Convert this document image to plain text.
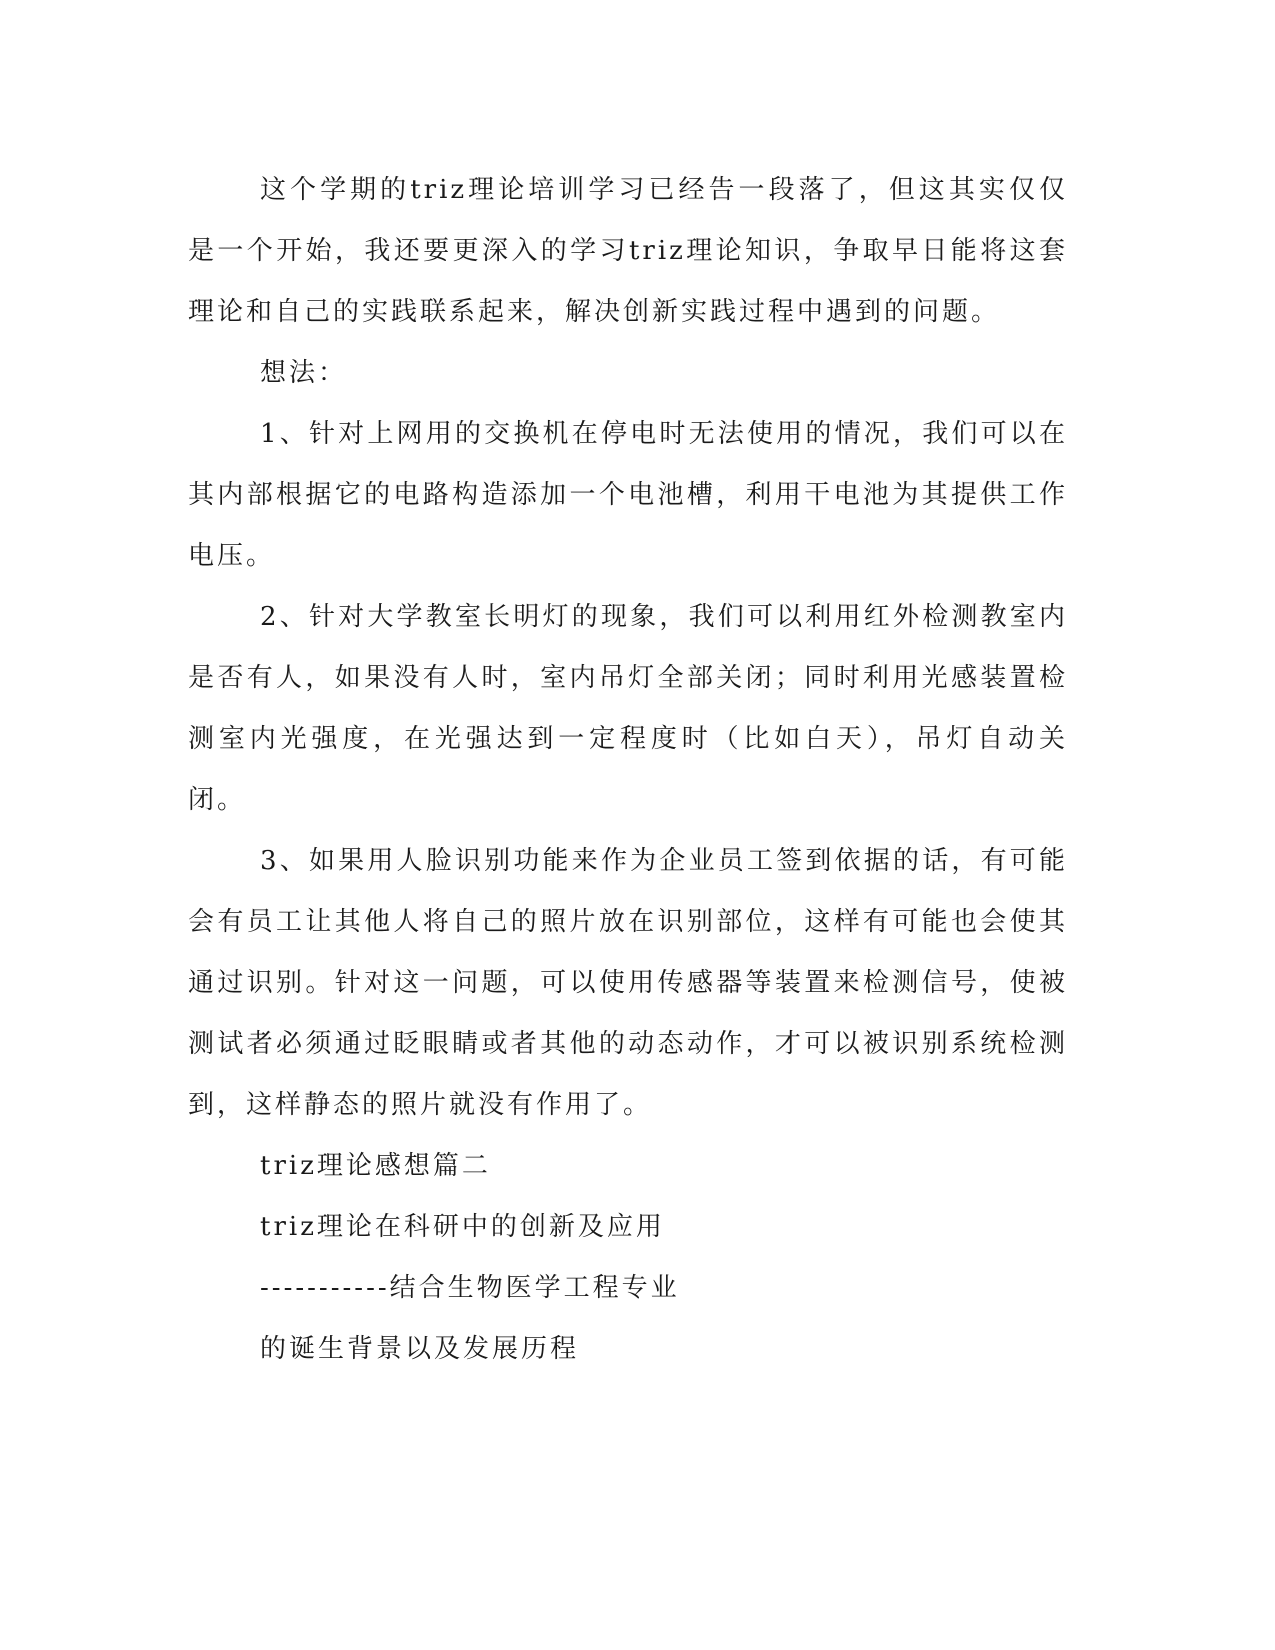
这个学期的triz理论培训学习已经告一段落了，但这其实仅仅是一个开始，我还要更深入的学习triz理论知识，争取早日能将这套理论和自己的实践联系起来，解决创新实践过程中遇到的问题。

想法：

1、针对上网用的交换机在停电时无法使用的情况，我们可以在其内部根据它的电路构造添加一个电池槽，利用干电池为其提供工作电压。

2、针对大学教室长明灯的现象，我们可以利用红外检测教室内是否有人，如果没有人时，室内吊灯全部关闭；同时利用光感装置检测室内光强度，在光强达到一定程度时（比如白天），吊灯自动关闭。

3、如果用人脸识别功能来作为企业员工签到依据的话，有可能会有员工让其他人将自己的照片放在识别部位，这样有可能也会使其通过识别。针对这一问题，可以使用传感器等装置来检测信号，使被测试者必须通过眨眼睛或者其他的动态动作，才可以被识别系统检测到，这样静态的照片就没有作用了。

triz理论感想篇二

triz理论在科研中的创新及应用

-----------结合生物医学工程专业

的诞生背景以及发展历程
